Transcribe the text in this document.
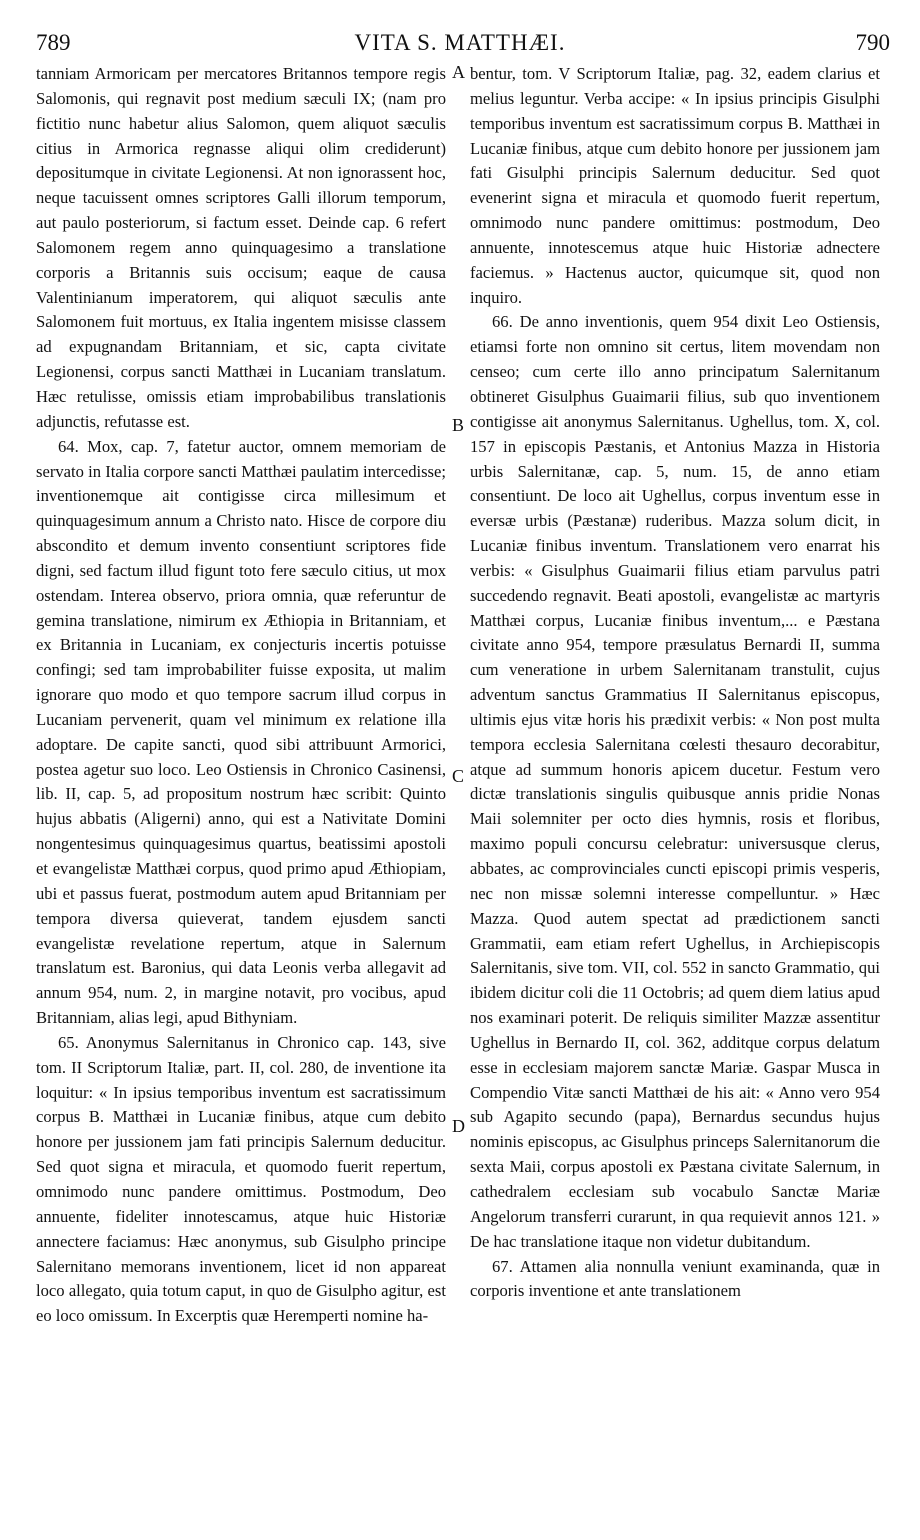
789	VITA S. MATTHÆI.	790

tanniam Armoricam per mercatores Britannos tempore regis Salomonis, qui regnavit post medium sæculi IX; (nam pro fictitio nunc habetur alius Salomon, quem aliquot sæculis citius in Armorica regnasse aliqui olim crediderunt) depositumque in civitate Legionensi. At non ignorassent hoc, neque tacuissent omnes scriptores Galli illorum temporum, aut paulo posteriorum, si factum esset. Deinde cap. 6 refert Salomonem regem anno quinquagesimo a translatione corporis a Britannis suis occisum; eaque de causa Valentinianum imperatorem, qui aliquot sæculis ante Salomonem fuit mortuus, ex Italia ingentem misisse classem ad expugnandam Britanniam, et sic, capta civitate Legionensi, corpus sancti Matthæi in Lucaniam translatum. Hæc retulisse, omissis etiam improbabilibus translationis adjunctis, refutasse est.

64. Mox, cap. 7, fatetur auctor, omnem memoriam de servato in Italia corpore sancti Matthæi paulatim intercedisse; inventionemque ait contigisse circa millesimum et quinquagesimum annum a Christo nato. Hisce de corpore diu abscondito et demum invento consentiunt scriptores fide digni, sed factum illud figunt toto fere sæculo citius, ut mox ostendam. Interea observo, priora omnia, quæ referuntur de gemina translatione, nimirum ex Æthiopia in Britanniam, et ex Britannia in Lucaniam, ex conjecturis incertis potuisse confingi; sed tam improbabiliter fuisse exposita, ut malim ignorare quo modo et quo tempore sacrum illud corpus in Lucaniam pervenerit, quam vel minimum ex relatione illa adoptare. De capite sancti, quod sibi attribuunt Armorici, postea agetur suo loco. Leo Ostiensis in Chronico Casinensi, lib. II, cap. 5, ad propositum nostrum hæc scribit: Quinto hujus abbatis (Aligerni) anno, qui est a Nativitate Domini nongentesimus quinquagesimus quartus, beatissimi apostoli et evangelistæ Matthæi corpus, quod primo apud Æthiopiam, ubi et passus fuerat, postmodum autem apud Britanniam per tempora diversa quieverat, tandem ejusdem sancti evangelistæ revelatione repertum, atque in Salernum translatum est. Baronius, qui data Leonis verba allegavit ad annum 954, num. 2, in margine notavit, pro vocibus, apud Britanniam, alias legi, apud Bithyniam.

65. Anonymus Salernitanus in Chronico cap. 143, sive tom. II Scriptorum Italiæ, part. II, col. 280, de inventione ita loquitur: « In ipsius temporibus inventum est sacratissimum corpus B. Matthæi in Lucaniæ finibus, atque cum debito honore per jussionem jam fati principis Salernum deducitur. Sed quot signa et miracula, et quomodo fuerit repertum, omnimodo nunc pandere omittimus. Postmodum, Deo annuente, fideliter innotescamus, atque huic Historiæ annectere faciamus: Hæc anonymus, sub Gisulpho principe Salernitano memorans inventionem, licet id non appareat loco allegato, quia totum caput, in quo de Gisulpho agitur, est eo loco omissum. In Excerptis quæ Heremperti nomine ha-

bentur, tom. V Scriptorum Italiæ, pag. 32, eadem clarius et melius leguntur. Verba accipe: « In ipsius principis Gisulphi temporibus inventum est sacratissimum corpus B. Matthæi in Lucaniæ finibus, atque cum debito honore per jussionem jam fati Gisulphi principis Salernum deducitur. Sed quot evenerint signa et miracula et quomodo fuerit repertum, omnimodo nunc pandere omittimus: postmodum, Deo annuente, innotescemus atque huic Historiæ adnectere faciemus. » Hactenus auctor, quicumque sit, quod non inquiro.

66. De anno inventionis, quem 954 dixit Leo Ostiensis, etiamsi forte non omnino sit certus, litem movendam non censeo; cum certe illo anno principatum Salernitanum obtineret Gisulphus Guaimarii filius, sub quo inventionem contigisse ait anonymus Salernitanus. Ughellus, tom. X, col. 157 in episcopis Pæstanis, et Antonius Mazza in Historia urbis Salernitanæ, cap. 5, num. 15, de anno etiam consentiunt. De loco ait Ughellus, corpus inventum esse in eversæ urbis (Pæstanæ) ruderibus. Mazza solum dicit, in Lucaniæ finibus inventum. Translationem vero enarrat his verbis: « Gisulphus Guaimarii filius etiam parvulus patri succedendo regnavit. Beati apostoli, evangelistæ ac martyris Matthæi corpus, Lucaniæ finibus inventum,... e Pæstana civitate anno 954, tempore præsulatus Bernardi II, summa cum veneratione in urbem Salernitanam transtulit, cujus adventum sanctus Grammatius II Salernitanus episcopus, ultimis ejus vitæ horis his prædixit verbis: « Non post multa tempora ecclesia Salernitana cœlesti thesauro decorabitur, atque ad summum honoris apicem ducetur. Festum vero dictæ translationis singulis quibusque annis pridie Nonas Maii solemniter per octo dies hymnis, rosis et floribus, maximo populi concursu celebratur: universusque clerus, abbates, ac comprovinciales cuncti episcopi primis vesperis, nec non missæ solemni interesse compelluntur. » Hæc Mazza. Quod autem spectat ad prædictionem sancti Grammatii, eam etiam refert Ughellus, in Archiepiscopis Salernitanis, sive tom. VII, col. 552 in sancto Grammatio, qui ibidem dicitur coli die 11 Octobris; ad quem diem latius apud nos examinari poterit. De reliquis similiter Mazzæ assentitur Ughellus in Bernardo II, col. 362, additque corpus delatum esse in ecclesiam majorem sanctæ Mariæ. Gaspar Musca in Compendio Vitæ sancti Matthæi de his ait: « Anno vero 954 sub Agapito secundo (papa), Bernardus secundus hujus nominis episcopus, ac Gisulphus princeps Salernitanorum die sexta Maii, corpus apostoli ex Pæstana civitate Salernum, in cathedralem ecclesiam sub vocabulo Sanctæ Mariæ Angelorum transferri curarunt, in qua requievit annos 121. » De hac translatione itaque non videtur dubitandum.

67. Attamen alia nonnulla veniunt examinanda, quæ in corporis inventione et ante translationem

A
B
C
D
